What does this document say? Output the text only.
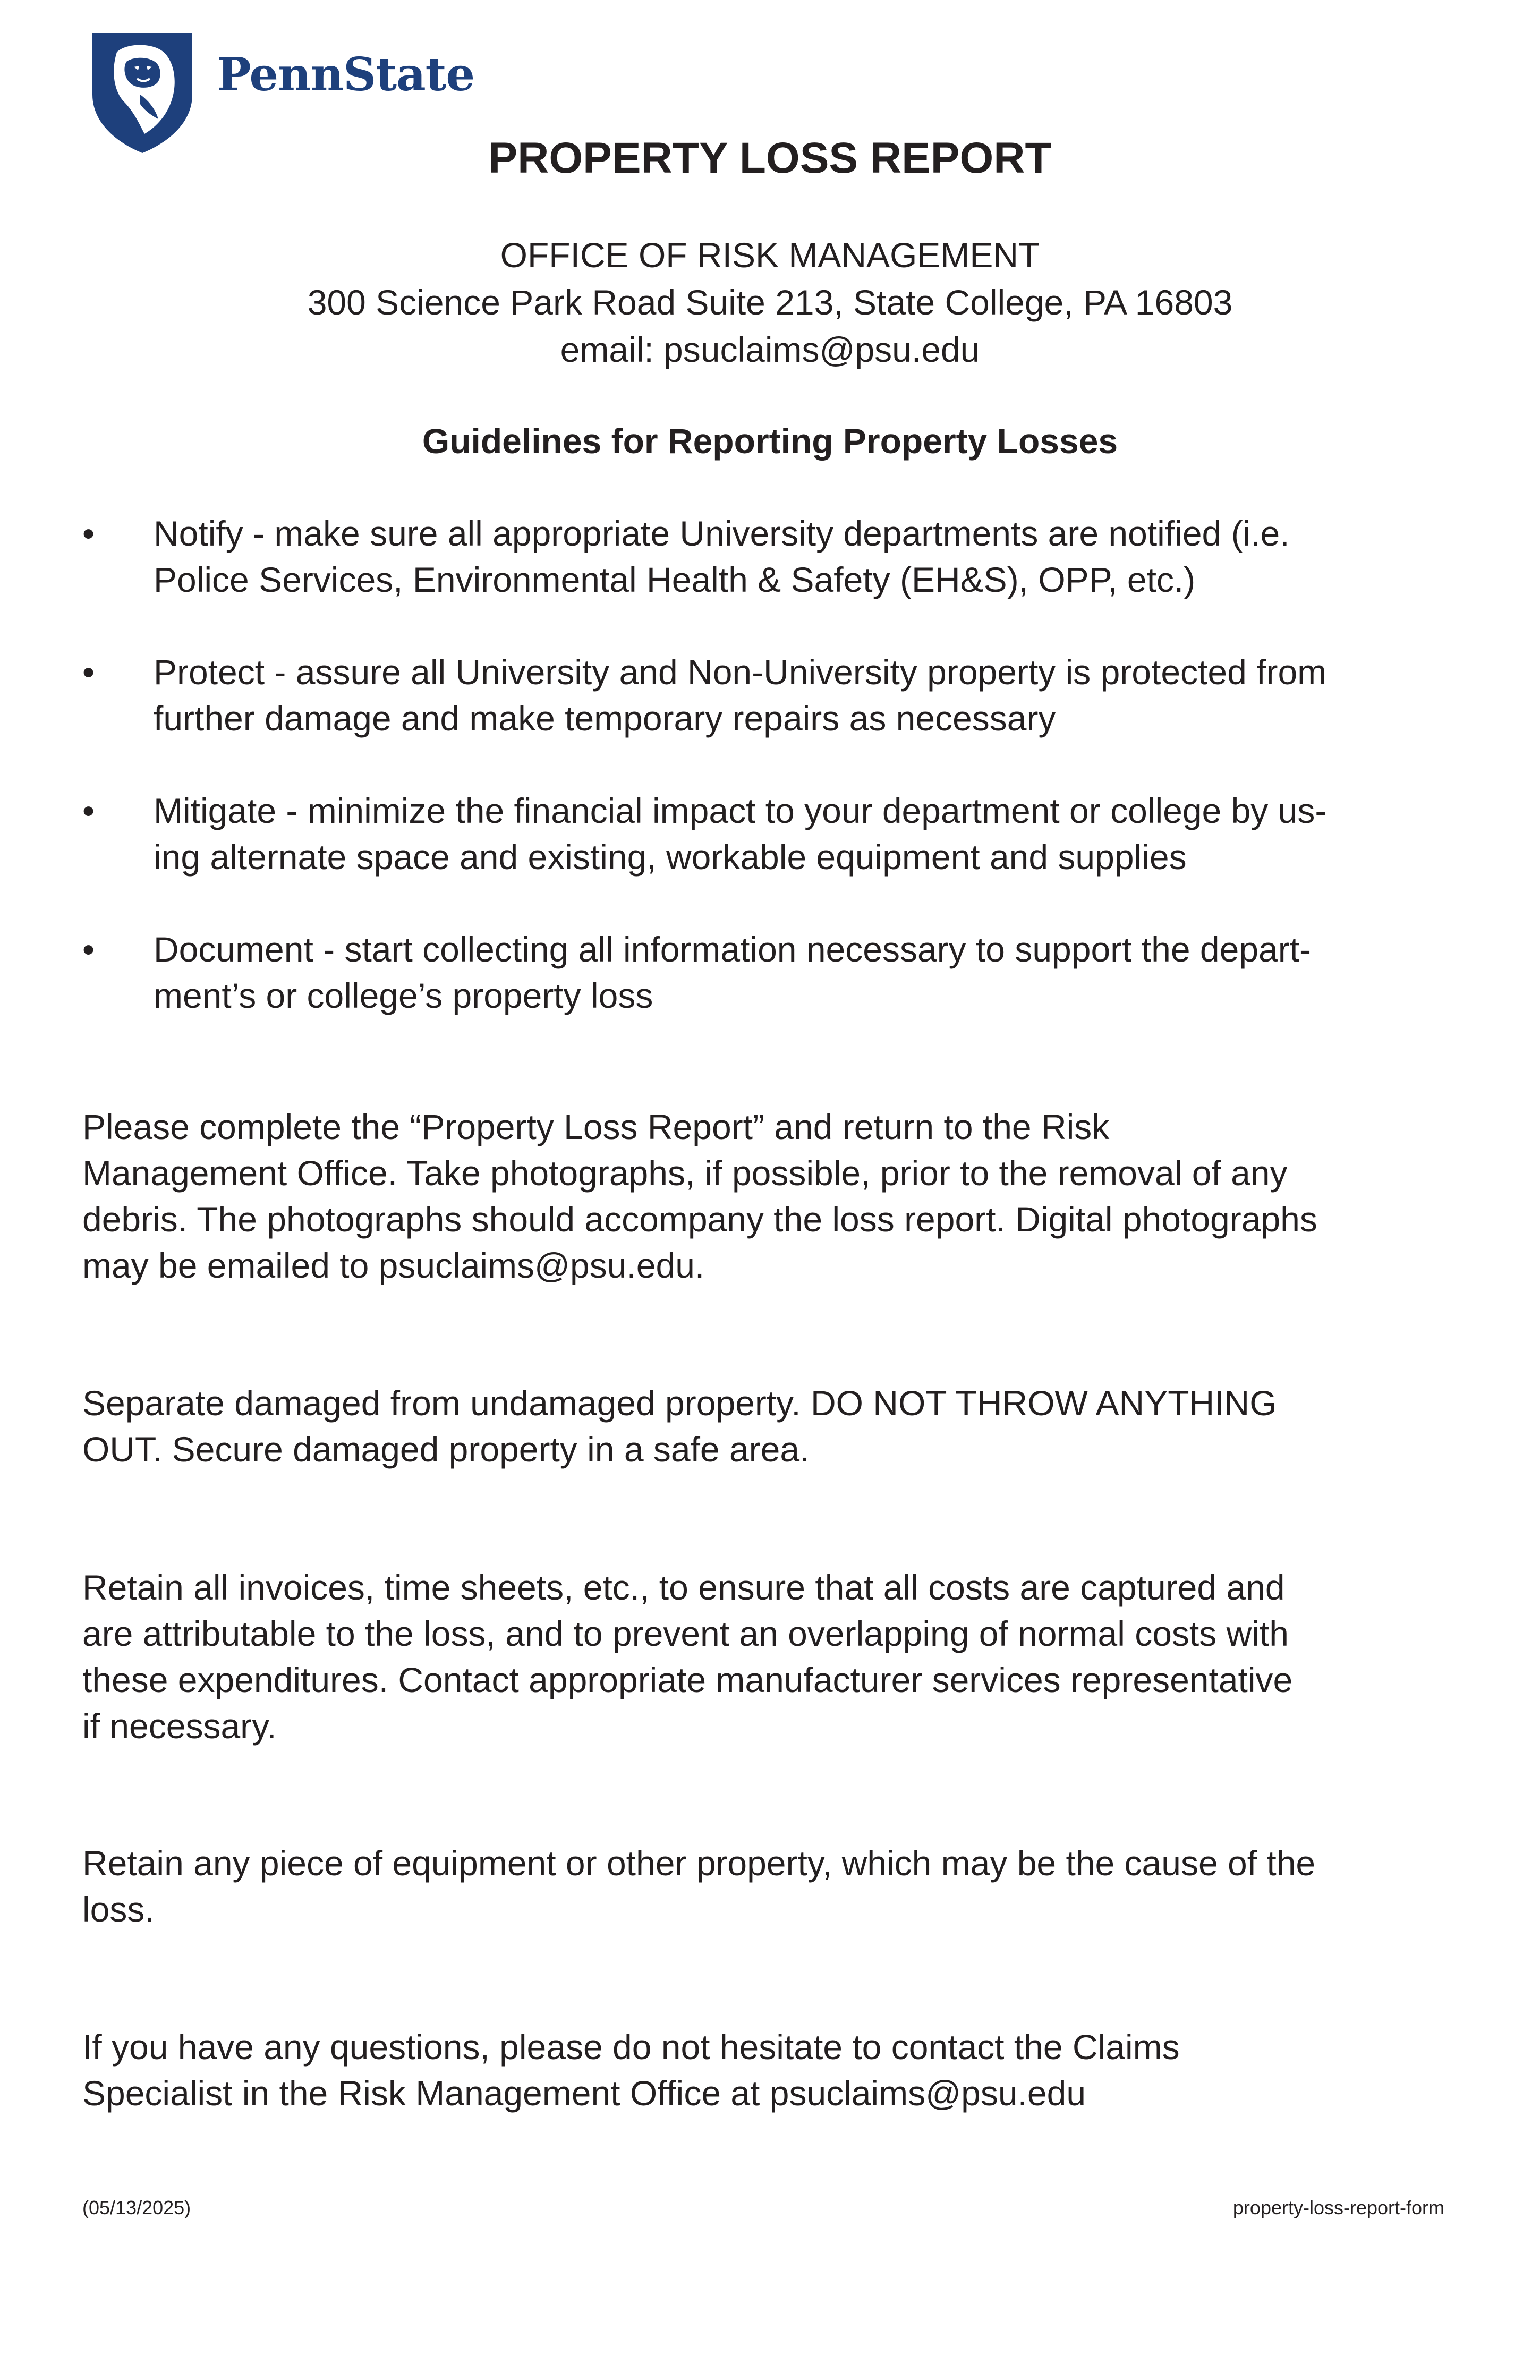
PennState
PROPERTY LOSS REPORT
OFFICE OF RISK MANAGEMENT
300 Science Park Road Suite 213, State College, PA 16803
email: psuclaims@psu.edu
Guidelines for Reporting Property Losses
• Notify - make sure all appropriate University departments are notified (i.e.
Police Services, Environmental Health & Safety (EH&S), OPP, etc.)
• Protect - assure all University and Non-University property is protected from
further damage and make temporary repairs as necessary
• Mitigate - minimize the financial impact to your department or college by us-
ing alternate space and existing, workable equipment and supplies
• Document - start collecting all information necessary to support the depart-
ment’s or college’s property loss
Please complete the “Property Loss Report” and return to the Risk
Management Office. Take photographs, if possible, prior to the removal of any
debris. The photographs should accompany the loss report. Digital photographs
may be emailed to psuclaims@psu.edu.
Separate damaged from undamaged property. DO NOT THROW ANYTHING
OUT. Secure damaged property in a safe area.
Retain all invoices, time sheets, etc., to ensure that all costs are captured and
are attributable to the loss, and to prevent an overlapping of normal costs with
these expenditures. Contact appropriate manufacturer services representative
if necessary.
Retain any piece of equipment or other property, which may be the cause of the
loss.
If you have any questions, please do not hesitate to contact the Claims
Specialist in the Risk Management Office at psuclaims@psu.edu
(05/13/2025)	property-loss-report-form
